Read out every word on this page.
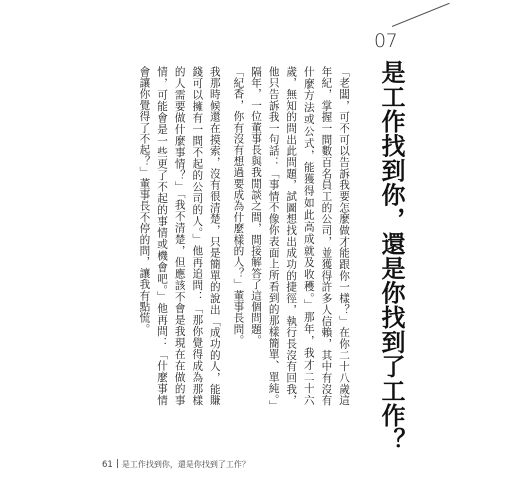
07
是工作找到你，還是你找到了工作？

「老闆，可不可以告訴我要怎麼做才能跟你一樣？」在你二十八歲這年紀，掌握一間數百名員工的公司，並獲得許多人信賴，其中有沒有什麼方法或公式，能獲得如此高成就及收穫。」那年，我才二十六歲，無知的問出此問題，試圖想找出成功的捷徑，執行長沒有回我，他只告訴我一句話：「事情不像你表面上所看到的那樣簡單、單純。」隔年，一位董事長與我閒談之間，間接解答了這個問題。

「紀香，你有沒有想過要成為什麼樣的人？」董事長問。

我那時候還在摸索，沒有很清楚，只是簡單的說出「成功的人，能賺錢可以擁有一間不起的公司的人。」他再追問：「那你覺得成為那樣的人需要做什麼事情？」「我不清楚，但應該不會是我現在在做的事情，可能會是一些更了不起的事情或機會吧。」他再問：「什麼事情會讓你覺得了不起？」董事長不停的問，讓我有點慌。

61 是工作找到你，還是你找到了工作？
